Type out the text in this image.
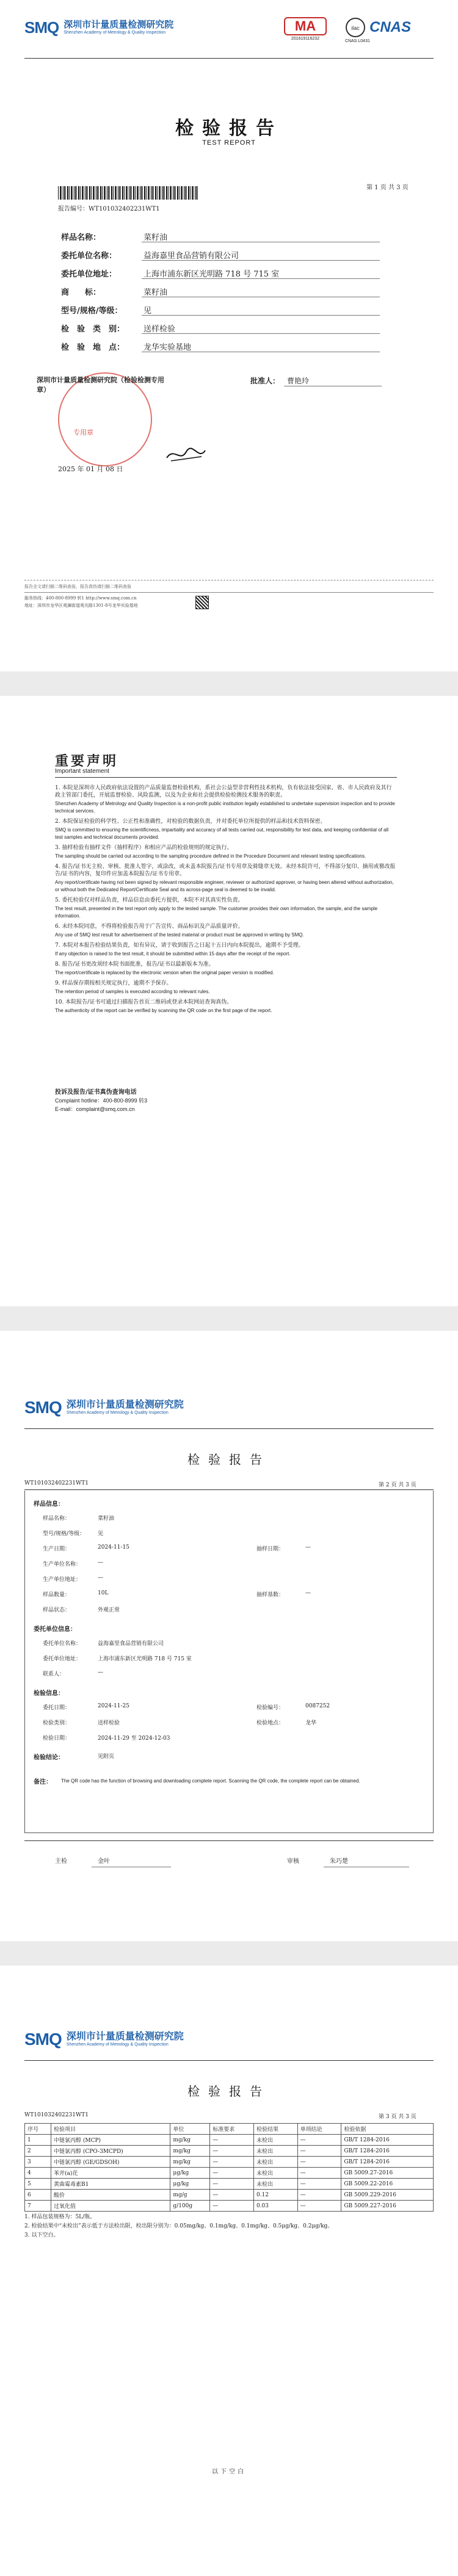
SMQ 深圳市计量质量检测研究院
Shenzhen Academy of Metrology & Quality Inspection	MA
201619116232
ilac CNAS
CNAS L0431
检验报告
TEST REPORT
第 1 页 共 3 页
报告编号：WT101032402231WT1
样品名称：	菜籽油
委托单位名称：	益海嘉里食品营销有限公司
委托单位地址：	上海市浦东新区光明路 718 号 715 室
商　　标：	菜籽油
型号/规格/等级：	见
检　验　类　别： 送样检验
检　验　地　点： 龙华实验基地
深圳市计量质量检测研究院（检验检测专用章）
专用章
批准人： 曹艳玲
2025 年 01 月 08 日
报告全文请扫描二维码查验，报告真伪请扫描二维码查验
服务热线：400-800-8999 转1 http://www.smq.com.cn
地址：深圳市龙华区观澜街道观光路1301-8号龙华实验基地
重要声明
Important statement
1. 本院是深圳市人民政府依法设置的产品质量监督检验机构，系社会公益型非营利性技术机构，负有依法接受国家、省、市人民政府及其行政主管部门委托，开展监督检验、风险监测，以及为企业和社会提供检验检测技术服务的职责。
Shenzhen Academy of Metrology and Quality Inspection is a non-profit public institution legally established to undertake supervision inspection and to provide technical services.
2. 本院保证检验的科学性、公正性和准确性，对检验的数据负责，并对委托单位所提供的样品和技术资料保密。
SMQ is committed to ensuring the scientificness, impartiality and accuracy of all tests carried out, responsibility for test data, and keeping confidential of all test samples and technical documents provided.
3. 抽样检验有抽样文件（抽样程序）和相应产品的检验规则的规定执行。
The sampling should be carried out according to the sampling procedure defined in the Procedure Document and relevant testing specifications.
4. 报告/证书无主检、审核、批准人签字，或涂改，或未盖本院报告/证书专用章及骑缝章无效。未经本院许可，不得部分复印、摘用或篡改报告/证书的内容，复印件应加盖本院报告/证书专用章。
Any report/certificate having not been signed by relevant responsible engineer, reviewer or authorized approver, or having been altered without authorization, or without both the Dedicated Report/Certificate Seal and its across-page seal is deemed to be invalid.
5. 委托检验仅对样品负责，样品信息由委托方提供，本院不对其真实性负责。
The test result, presented in the test report only apply to the tested sample. The customer provides their own information, the sample, and the sample information.
6. 未经本院同意，不得将检验报告用于广告宣传、商品标识及产品质量评价。
Any use of SMQ test result for advertisement of the tested material or product must be approved in writing by SMQ.
7. 本院对本报告检验结果负责，如有异议，请于收到报告之日起十五日内向本院提出，逾期不予受理。
If any objection is raised to the test result, it should be submitted within 15 days after the receipt of the report.
8. 报告/证书更改须经本院书面批准，报告/证书以最新版本为准。
The report/certificate is replaced by the electronic version when the original paper version is modified.
9. 样品保存期按相关规定执行，逾期不予保存。
The retention period of samples is executed according to relevant rules.
10. 本院报告/证书可通过扫描报告首页二维码或登录本院网站查询真伪。
The authenticity of the report can be verified by scanning the QR code on the first page of the report.
投诉及报告/证书真伪查询电话
Complaint hotline：400-800-8999 转3
E-mail：complaint@smq.com.cn
SMQ 深圳市计量质量检测研究院
Shenzhen Academy of Metrology & Quality Inspection
检验报告
WT101032402231WT1	第 2 页 共 3 页
样品信息：
样品名称：	菜籽油
型号/规格/等级： 见
生产日期：	2024-11-15	抽样日期：	—
生产单位名称：	—
生产单位地址：	—
样品数量：	10L	抽样基数：	—
样品状态：	外观正常
委托单位信息：
委托单位名称：	益海嘉里食品营销有限公司
委托单位地址：	上海市浦东新区光明路 718 号 715 室
联系人：	—
检验信息：
委托日期：	2024-11-25	检验编号：	0087252
检验类别：	送样检验	检验地点：	龙华
检验日期：	2024-11-29 至 2024-12-03
检验结论：	见附页
备注： The QR code has the function of browsing and downloading complete report. Scanning the QR code, the complete report can be obtained.
主检	金叶	审核	朱巧楚
SMQ 深圳市计量质量检测研究院
Shenzhen Academy of Metrology & Quality Inspection
检验报告
WT101032402231WT1	第 3 页 共 3 页
序号	检验项目	单位	标准要求	检验结果	单项结论	检验依据
1	中链氯丙醇 (MCP)	mg/kg	—	未检出	—	GB/T 1284-2016
2	中链氯丙醇 (CPO-3MCPD)	mg/kg	—	未检出	—	GB/T 1284-2016
3	中链氯丙醇 (GE/GDSOH)	mg/kg	—	未检出	—	GB/T 1284-2016
4	苯并(a)芘	μg/kg	—	未检出	—	GB 5009.27-2016
5	黄曲霉毒素B1	μg/kg	—	未检出	—	GB 5009.22-2016
6	酸价	mg/g	—	0.12	—	GB 5009.229-2016
7	过氧化值	g/100g	—	0.03	—	GB 5009.227-2016
1. 样品包装规格为：5L/瓶。
2. 检验结果中“未检出”表示低于方法检出限，检出限分别为：0.05mg/kg、0.1mg/kg、0.1mg/kg、0.5μg/kg、0.2μg/kg。
3. 以下空白。
以下空白
